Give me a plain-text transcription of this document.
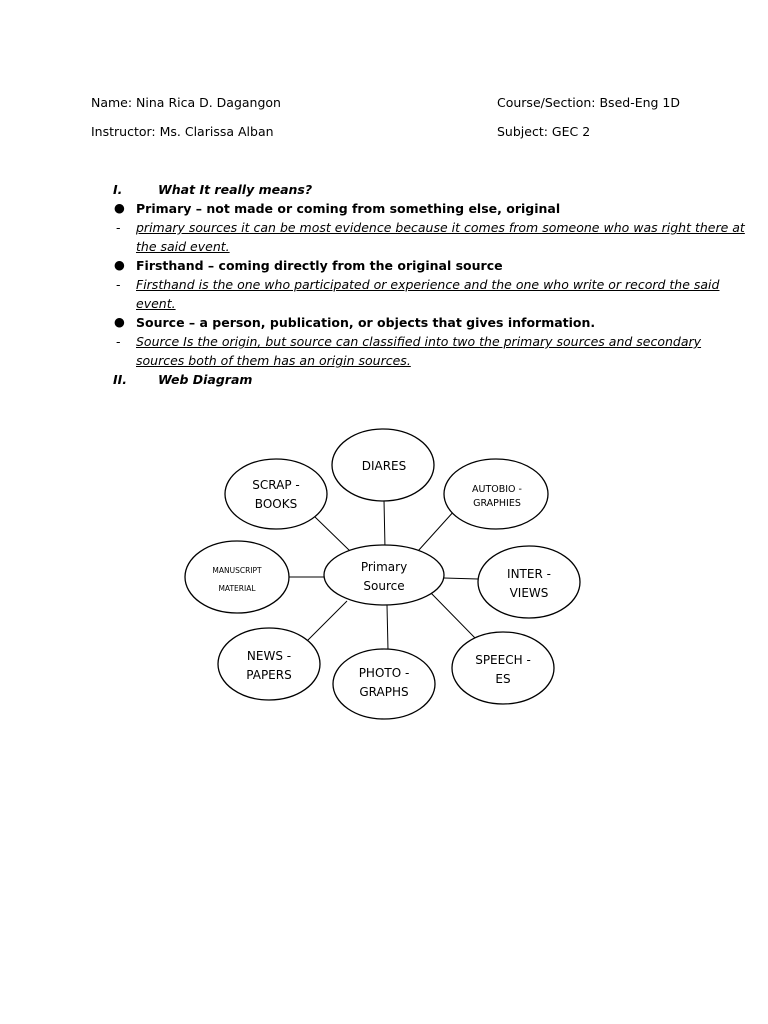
Name: Nina Rica D. Dagangon	Course/Section: Bsed-Eng 1D
Instructor: Ms. Clarissa Alban	Subject: GEC 2
I.	What It really means?
● Primary – not made or coming from something else, original
- primary sources it can be most evidence because it comes from someone who was right there at
the said event.
● Firsthand – coming directly from the original source
- Firsthand is the one who participated or experience and the one who write or record the said
event.
● Source – a person, publication, or objects that gives information.
- Source Is the origin, but source can classified into two the primary sources and secondary
sources both of them has an origin sources.
II. Web Diagram
DIARES
SCRAP -
BOOKS
AUTOBIO -
GRAPHIES
MANUSCRIPT
MATERIAL
Primary
Source
INTER -
VIEWS
NEWS -
PAPERS	PHOTO -
GRAPHS
SPEECH -
ES
